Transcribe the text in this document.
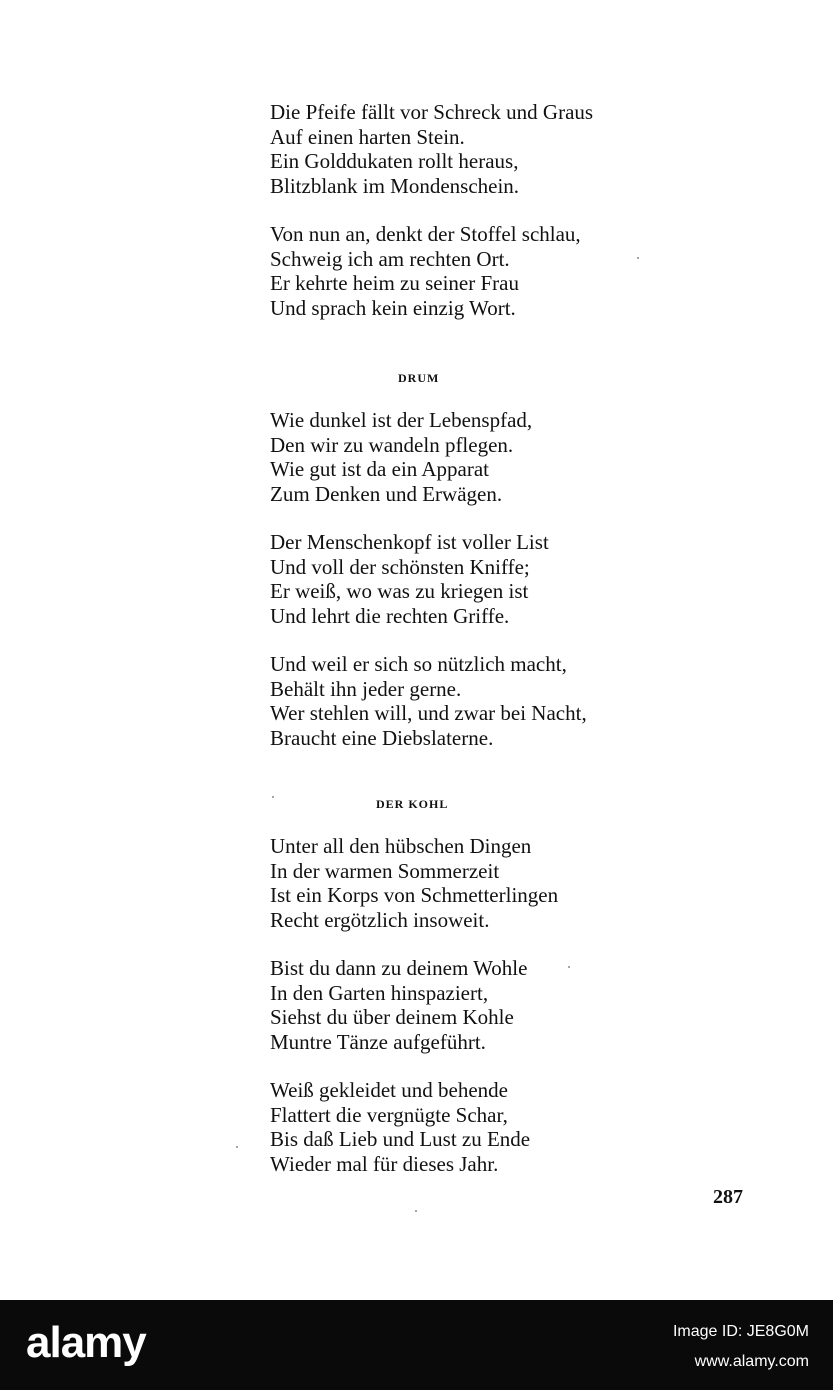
Die Pfeife fällt vor Schreck und Graus
Auf einen harten Stein.
Ein Golddukaten rollt heraus,
Blitzblank im Mondenschein.
Von nun an, denkt der Stoffel schlau,
Schweig ich am rechten Ort.
Er kehrte heim zu seiner Frau
Und sprach kein einzig Wort.
DRUM
Wie dunkel ist der Lebenspfad,
Den wir zu wandeln pflegen.
Wie gut ist da ein Apparat
Zum Denken und Erwägen.
Der Menschenkopf ist voller List
Und voll der schönsten Kniffe;
Er weiß, wo was zu kriegen ist
Und lehrt die rechten Griffe.
Und weil er sich so nützlich macht,
Behält ihn jeder gerne.
Wer stehlen will, und zwar bei Nacht,
Braucht eine Diebslaterne.
DER KOHL
Unter all den hübschen Dingen
In der warmen Sommerzeit
Ist ein Korps von Schmetterlingen
Recht ergötzlich insoweit.
Bist du dann zu deinem Wohle
In den Garten hinspaziert,
Siehst du über deinem Kohle
Muntre Tänze aufgeführt.
Weiß gekleidet und behende
Flattert die vergnügte Schar,
Bis daß Lieb und Lust zu Ende
Wieder mal für dieses Jahr.
287
alamy	Image ID: JE8G0M
www.alamy.com
